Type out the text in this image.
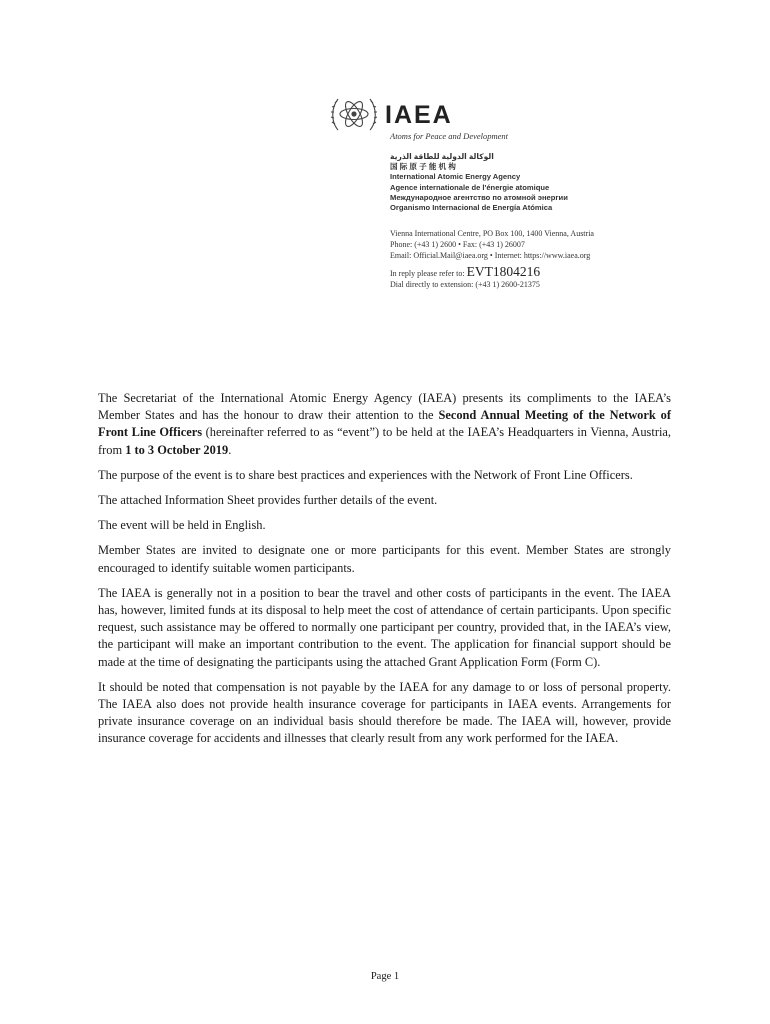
IAEA
Atoms for Peace and Development
الوكالة الدولية للطاقة الذرية
国 际 原 子 能 机 构
International Atomic Energy Agency
Agence internationale de l'énergie atomique
Международное агентство по атомной энергии
Organismo Internacional de Energía Atómica
Vienna International Centre, PO Box 100, 1400 Vienna, Austria
Phone: (+43 1) 2600 • Fax: (+43 1) 26007
Email: Official.Mail@iaea.org • Internet: https://www.iaea.org
In reply please refer to: EVT1804216
Dial directly to extension: (+43 1) 2600-21375

The Secretariat of the International Atomic Energy Agency (IAEA) presents its compliments to the IAEA’s Member States and has the honour to draw their attention to the Second Annual Meeting of the Network of Front Line Officers (hereinafter referred to as “event”) to be held at the IAEA’s Headquarters in Vienna, Austria, from 1 to 3 October 2019.

The purpose of the event is to share best practices and experiences with the Network of Front Line Officers.

The attached Information Sheet provides further details of the event.

The event will be held in English.

Member States are invited to designate one or more participants for this event. Member States are strongly encouraged to identify suitable women participants.

The IAEA is generally not in a position to bear the travel and other costs of participants in the event. The IAEA has, however, limited funds at its disposal to help meet the cost of attendance of certain participants. Upon specific request, such assistance may be offered to normally one participant per country, provided that, in the IAEA’s view, the participant will make an important contribution to the event. The application for financial support should be made at the time of designating the participants using the attached Grant Application Form (Form C).

It should be noted that compensation is not payable by the IAEA for any damage to or loss of personal property. The IAEA also does not provide health insurance coverage for participants in IAEA events. Arrangements for private insurance coverage on an individual basis should therefore be made. The IAEA will, however, provide insurance coverage for accidents and illnesses that clearly result from any work performed for the IAEA.

Page 1
